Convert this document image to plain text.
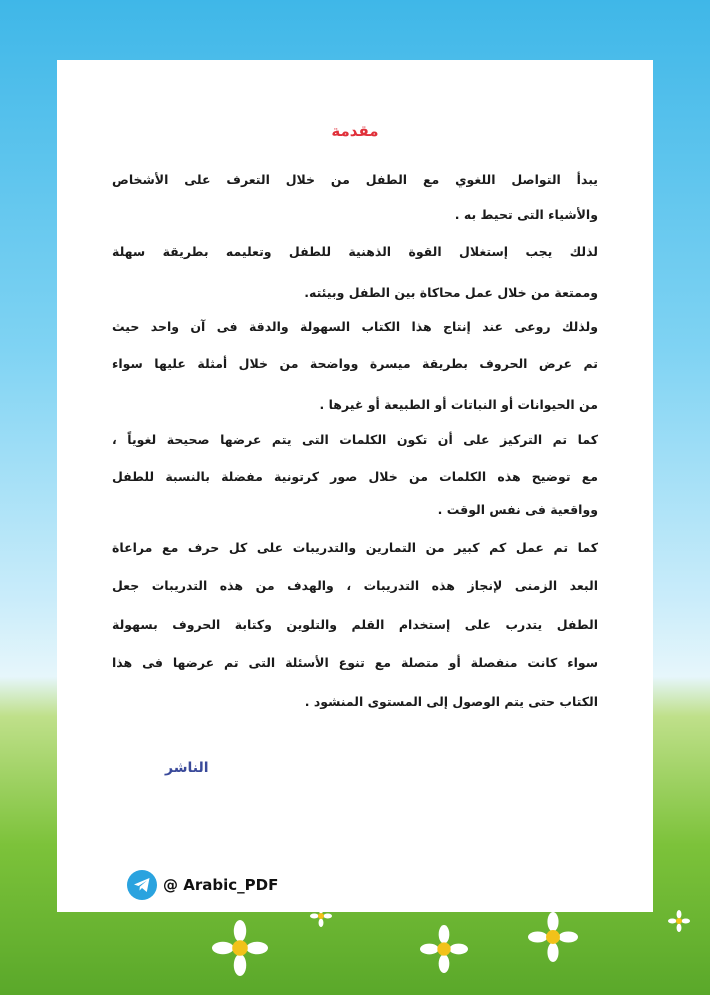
مقدمة
يبدأ التواصل اللغوي مع الطفل من خلال التعرف على الأشخاص
والأشياء التى تحيط به .
لذلك يجب إستغلال القوة الذهنية للطفل وتعليمه بطريقة سهلة
وممتعة من خلال عمل محاكاة بين الطفل وبيئته.
ولذلك روعى عند إنتاج هذا الكتاب السهولة والدقة فى آن واحد حيث
تم عرض الحروف بطريقة ميسرة وواضحة من خلال أمثلة عليها سواء
من الحيوانات أو النباتات أو الطبيعة أو غيرها .
كما تم التركيز على أن تكون الكلمات التى يتم عرضها صحيحة لغوياً ،
مع توضيح هذه الكلمات من خلال صور كرتونية مفضلة بالنسبة للطفل
وواقعية فى نفس الوقت .
كما تم عمل كم كبير من التمارين والتدريبات على كل حرف مع مراعاة
البعد الزمنى لإنجاز هذه التدريبات ، والهدف من هذه التدريبات جعل
الطفل يتدرب على إستخدام القلم والتلوين وكتابة الحروف بسهولة
سواء كانت منفصلة أو متصلة مع تنوع الأسئلة التى تم عرضها فى هذا
الكتاب حتى يتم الوصول إلى المستوى المنشود .
الناشر
@ Arabic_PDF
